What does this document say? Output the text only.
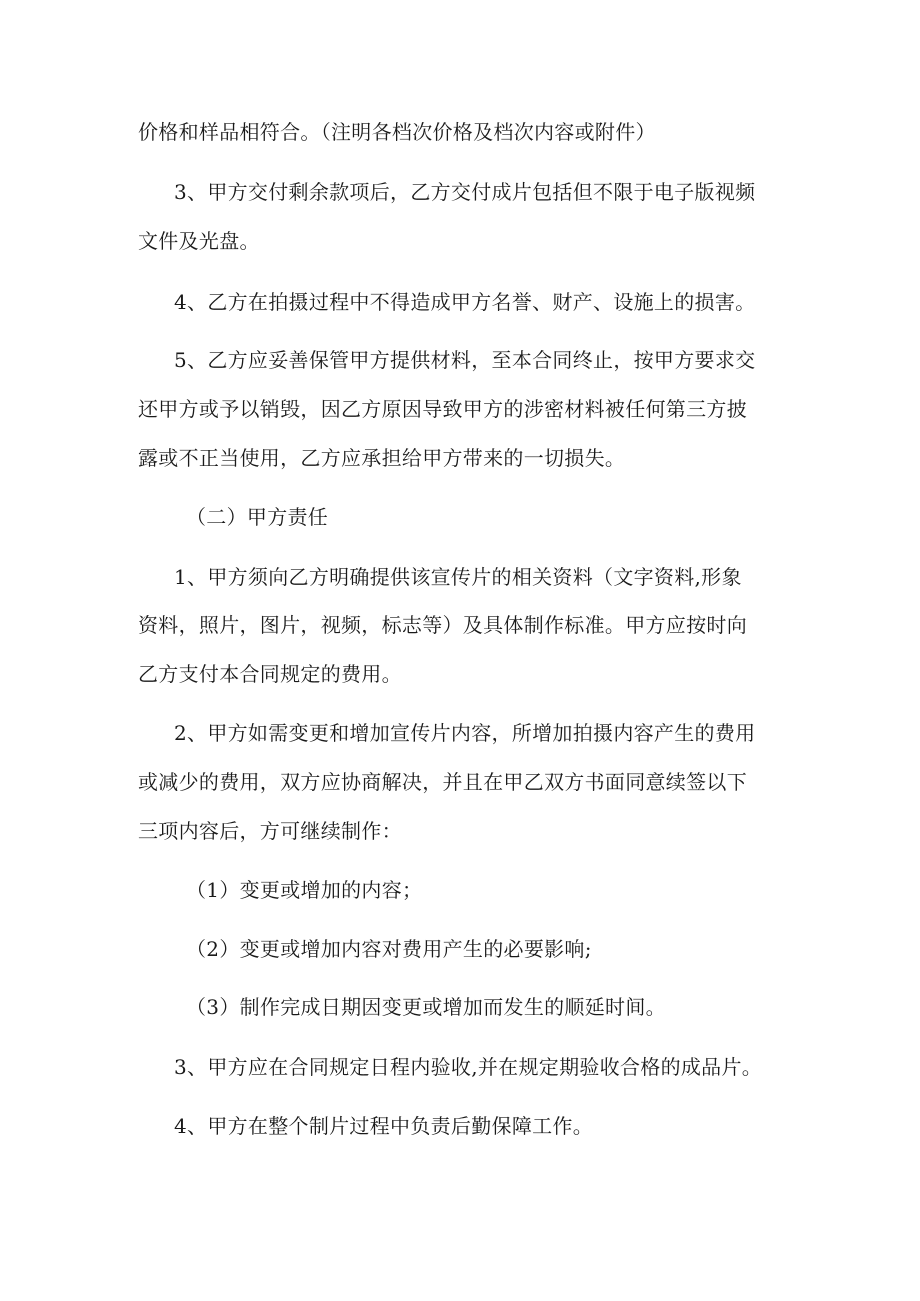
价格和样品相符合。（注明各档次价格及档次内容或附件）
3、甲方交付剩余款项后，乙方交付成片包括但不限于电子版视频
文件及光盘。
4、乙方在拍摄过程中不得造成甲方名誉、财产、设施上的损害。
5、乙方应妥善保管甲方提供材料，至本合同终止，按甲方要求交
还甲方或予以销毁，因乙方原因导致甲方的涉密材料被任何第三方披
露或不正当使用，乙方应承担给甲方带来的一切损失。
（二）甲方责任
1、甲方须向乙方明确提供该宣传片的相关资料（文字资料,形象
资料，照片，图片，视频，标志等）及具体制作标准。甲方应按时向
乙方支付本合同规定的费用。
2、甲方如需变更和增加宣传片内容，所增加拍摄内容产生的费用
或减少的费用，双方应协商解决，并且在甲乙双方书面同意续签以下
三项内容后，方可继续制作：
（1）变更或增加的内容；
（2）变更或增加内容对费用产生的必要影响;
（3）制作完成日期因变更或增加而发生的顺延时间。
3、甲方应在合同规定日程内验收,并在规定期验收合格的成品片。
4、甲方在整个制片过程中负责后勤保障工作。
